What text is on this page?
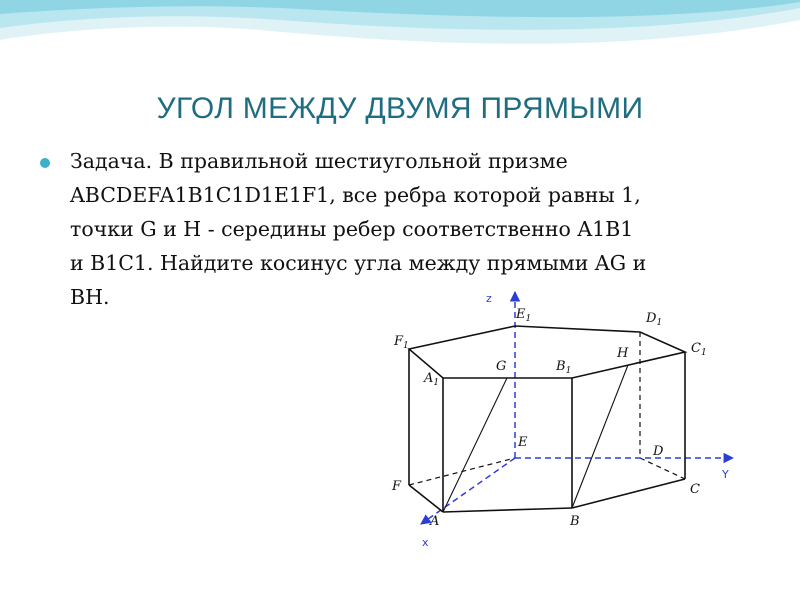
УГОЛ МЕЖДУ ДВУМЯ ПРЯМЫМИ
Задача. В правильной шестиугольной призме
ABCDEFA1B1C1D1E1F1, все ребра которой равны 1,
точки G и H - середины ребер соответственно A1B1
и B1C1. Найдите косинус угла между прямыми AG и
BH.
$E_1$	$D_1$
$F_1$	$C_1$
$A_1$
$B_1$
G
H
E
D
F	C
B
A
z
Y
x
